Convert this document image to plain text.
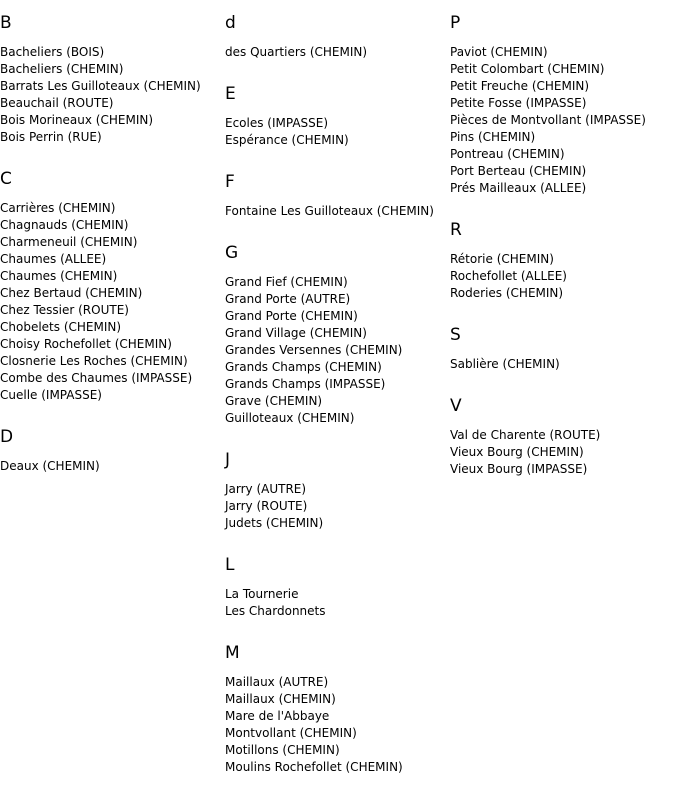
B
Bacheliers (BOIS)
Bacheliers (CHEMIN)
Barrats Les Guilloteaux (CHEMIN)
Beauchail (ROUTE)
Bois Morineaux (CHEMIN)
Bois Perrin (RUE)
C
Carrières (CHEMIN)
Chagnauds (CHEMIN)
Charmeneuil (CHEMIN)
Chaumes (ALLEE)
Chaumes (CHEMIN)
Chez Bertaud (CHEMIN)
Chez Tessier (ROUTE)
Chobelets (CHEMIN)
Choisy Rochefollet (CHEMIN)
Closnerie Les Roches (CHEMIN)
Combe des Chaumes (IMPASSE)
Cuelle (IMPASSE)
D
Deaux (CHEMIN)
d
des Quartiers (CHEMIN)
E
Ecoles (IMPASSE)
Espérance (CHEMIN)
F
Fontaine Les Guilloteaux (CHEMIN)
G
Grand Fief (CHEMIN)
Grand Porte (AUTRE)
Grand Porte (CHEMIN)
Grand Village (CHEMIN)
Grandes Versennes (CHEMIN)
Grands Champs (CHEMIN)
Grands Champs (IMPASSE)
Grave (CHEMIN)
Guilloteaux (CHEMIN)
J
Jarry (AUTRE)
Jarry (ROUTE)
Judets (CHEMIN)
L
La Tournerie
Les Chardonnets
M
Maillaux (AUTRE)
Maillaux (CHEMIN)
Mare de l'Abbaye
Montvollant (CHEMIN)
Motillons (CHEMIN)
Moulins Rochefollet (CHEMIN)
P
Paviot (CHEMIN)
Petit Colombart (CHEMIN)
Petit Freuche (CHEMIN)
Petite Fosse (IMPASSE)
Pièces de Montvollant (IMPASSE)
Pins (CHEMIN)
Pontreau (CHEMIN)
Port Berteau (CHEMIN)
Prés Mailleaux (ALLEE)
R
Rétorie (CHEMIN)
Rochefollet (ALLEE)
Roderies (CHEMIN)
S
Sablière (CHEMIN)
V
Val de Charente (ROUTE)
Vieux Bourg (CHEMIN)
Vieux Bourg (IMPASSE)
